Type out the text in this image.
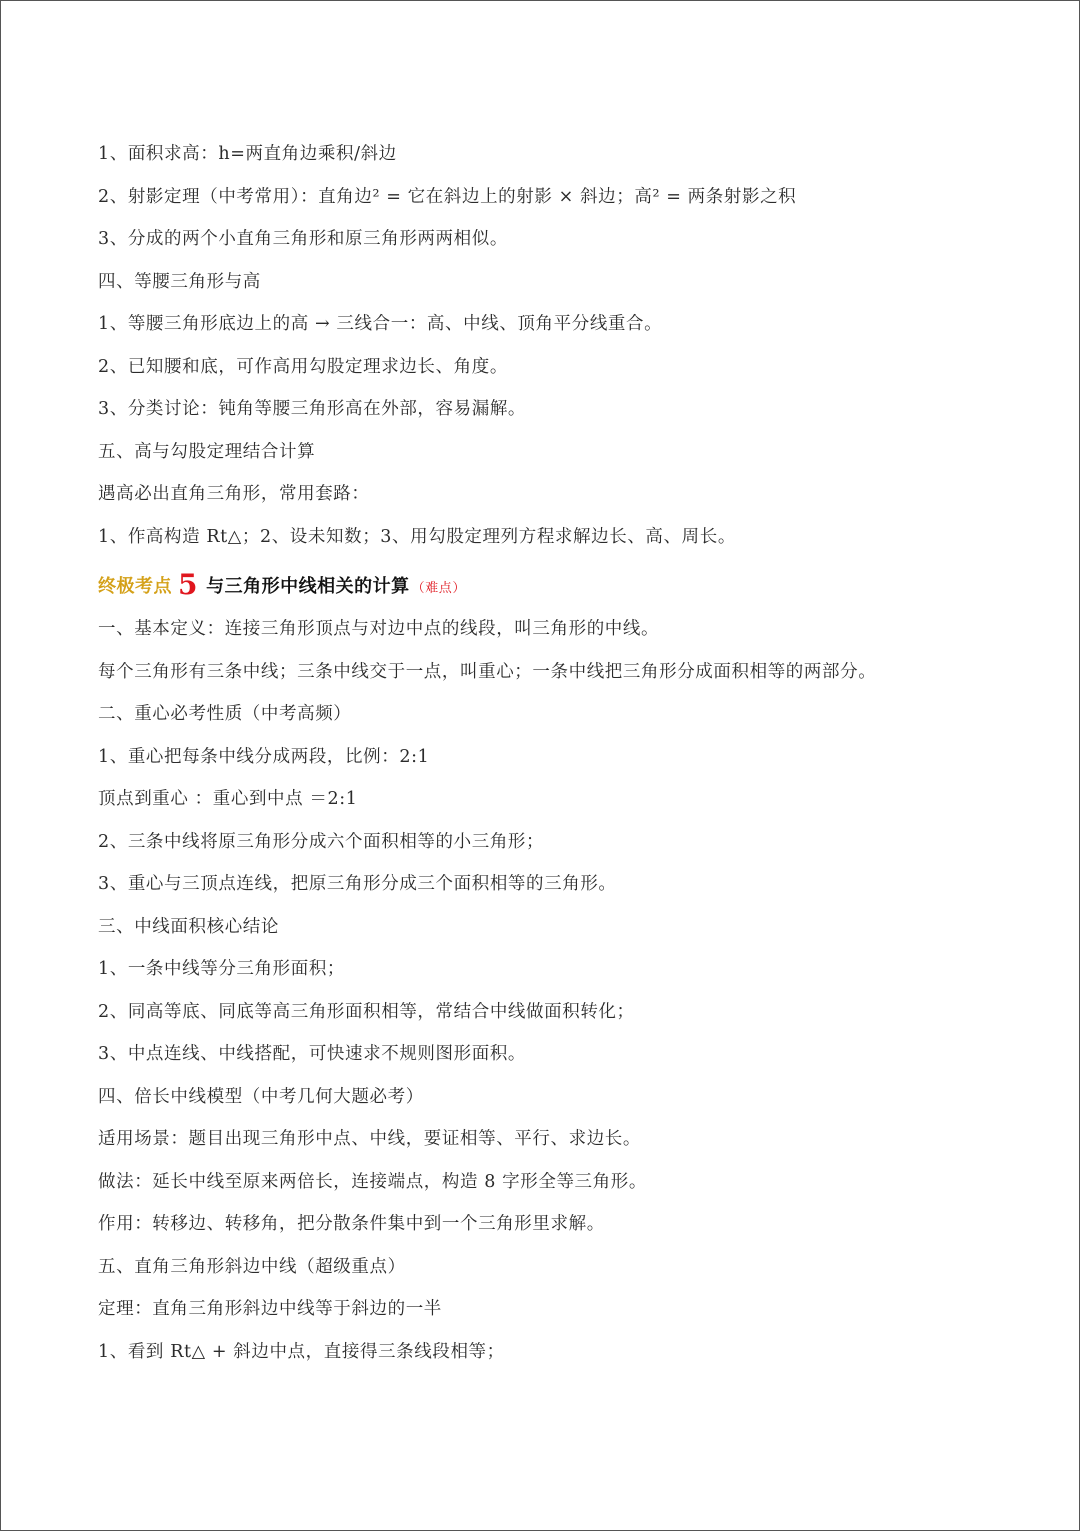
1、面积求高：h=两直角边乘积/斜边
2、射影定理（中考常用）：直角边² = 它在斜边上的射影 × 斜边；高² = 两条射影之积
3、分成的两个小直角三角形和原三角形两两相似。
四、等腰三角形与高
1、等腰三角形底边上的高 → 三线合一：高、中线、顶角平分线重合。
2、已知腰和底，可作高用勾股定理求边长、角度。
3、分类讨论：钝角等腰三角形高在外部，容易漏解。
五、高与勾股定理结合计算
遇高必出直角三角形，常用套路：
1、作高构造 Rt△；2、设未知数；3、用勾股定理列方程求解边长、高、周长。
终极考点 5 与三角形中线相关的计算 （难点）
一、基本定义：连接三角形顶点与对边中点的线段，叫三角形的中线。
每个三角形有三条中线；三条中线交于一点，叫重心；一条中线把三角形分成面积相等的两部分。
二、重心必考性质（中考高频）
1、重心把每条中线分成两段，比例：2:1
顶点到重心 ：重心到中点 ＝2:1
2、三条中线将原三角形分成六个面积相等的小三角形；
3、重心与三顶点连线，把原三角形分成三个面积相等的三角形。
三、中线面积核心结论
1、一条中线等分三角形面积；
2、同高等底、同底等高三角形面积相等，常结合中线做面积转化；
3、中点连线、中线搭配，可快速求不规则图形面积。
四、倍长中线模型（中考几何大题必考）
适用场景：题目出现三角形中点、中线，要证相等、平行、求边长。
做法：延长中线至原来两倍长，连接端点，构造 8 字形全等三角形。
作用：转移边、转移角，把分散条件集中到一个三角形里求解。
五、直角三角形斜边中线（超级重点）
定理：直角三角形斜边中线等于斜边的一半
1、看到 Rt△ + 斜边中点，直接得三条线段相等；
